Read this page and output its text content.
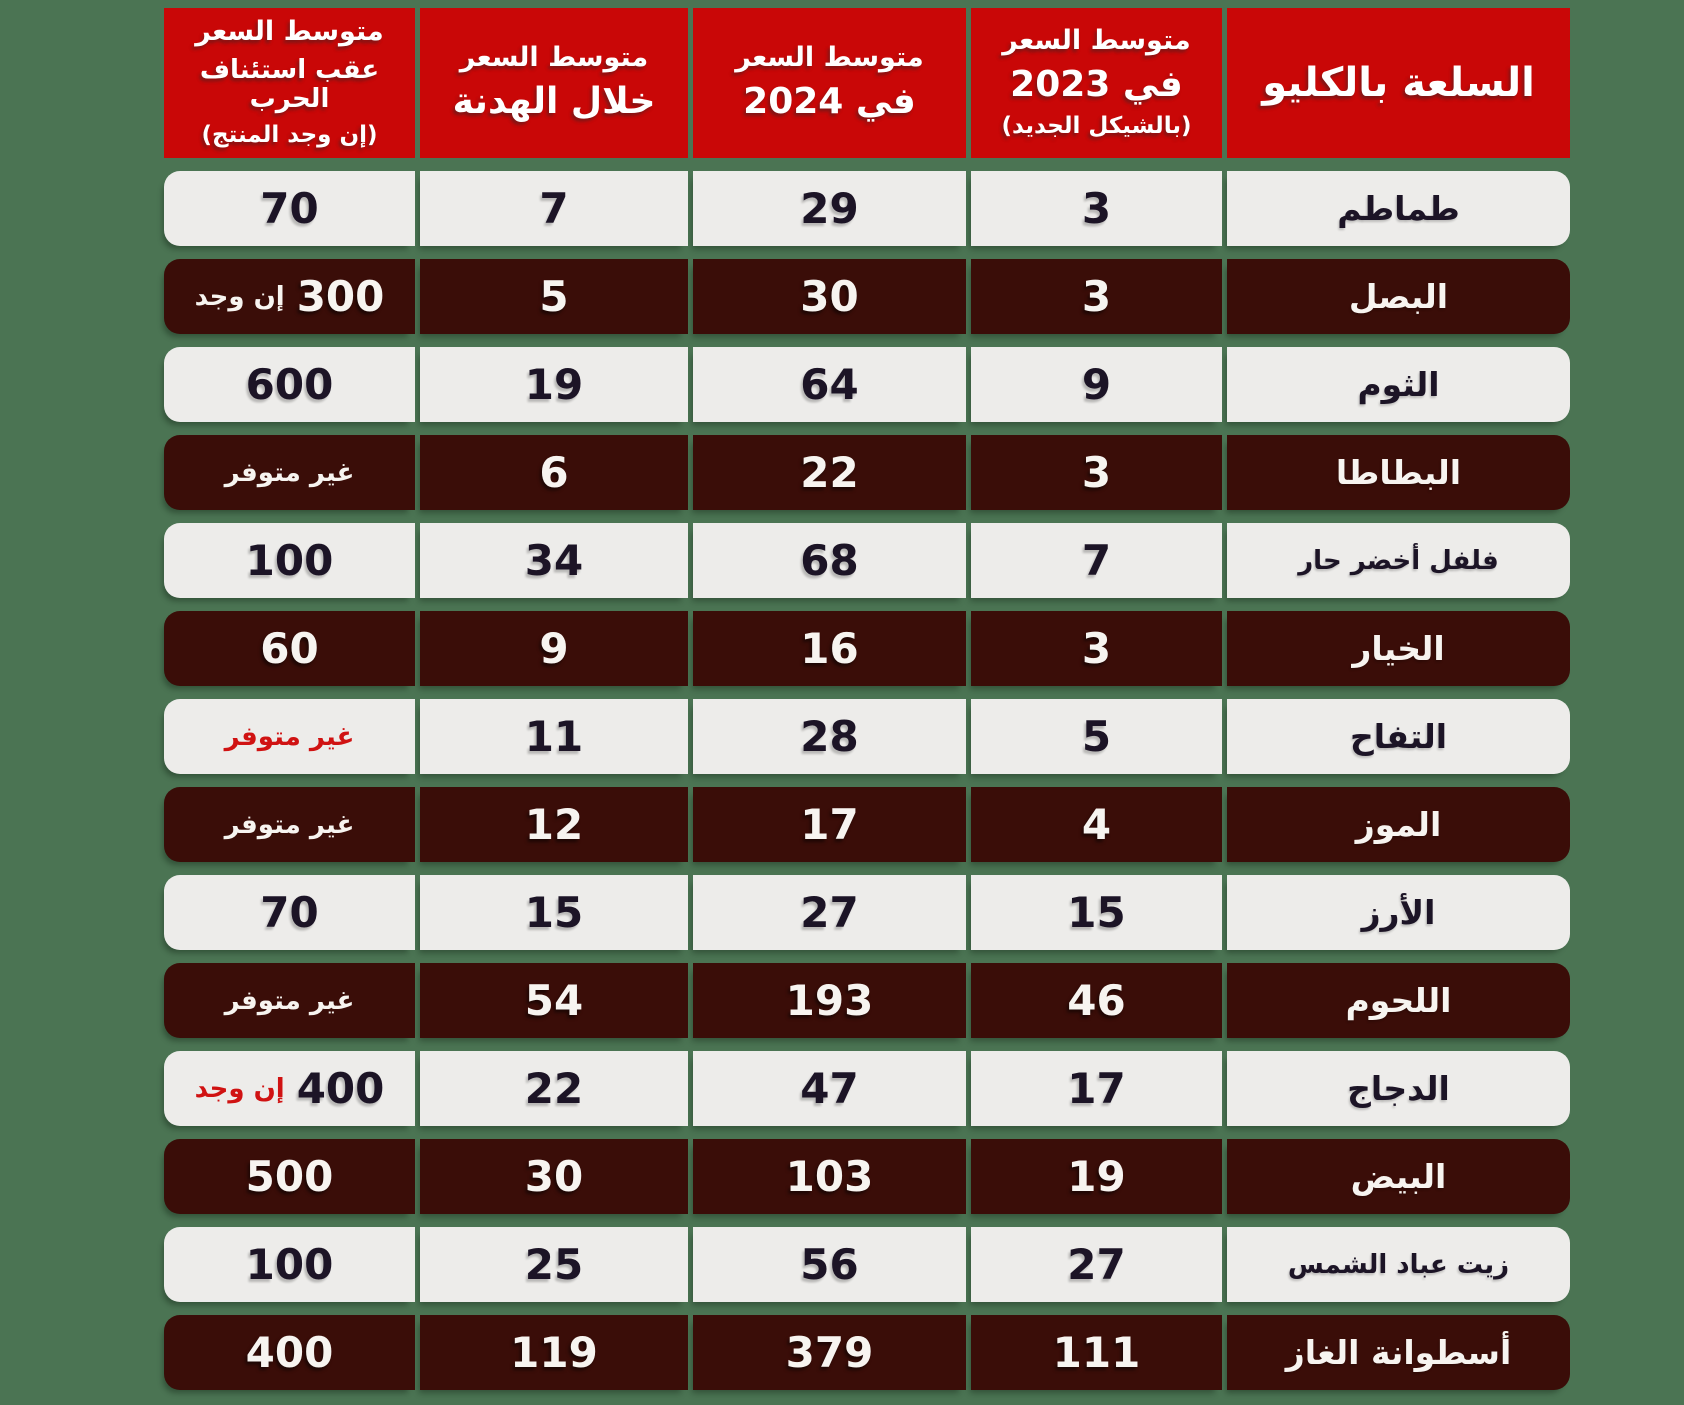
السلعة بالكليو
متوسط السعر
في 2023
(بالشيكل الجديد)
متوسط السعر
في 2024
متوسط السعر
خلال الهدنة
متوسط السعر
عقب استئناف الحرب
(إن وجد المنتج)
طماطم
3
29
7
70
البصل
3
30
5
300
إن وجد
الثوم
9
64
19
600
البطاطا
3
22
6
غير متوفر
فلفل أخضر حار
7
68
34
100
الخيار
3
16
9
60
التفاح
5
28
11
غير متوفر
الموز
4
17
12
غير متوفر
الأرز
15
27
15
70
اللحوم
46
193
54
غير متوفر
الدجاج
17
47
22
400
إن وجد
البيض
19
103
30
500
زيت عباد الشمس
27
56
25
100
أسطوانة الغاز
111
379
119
400
